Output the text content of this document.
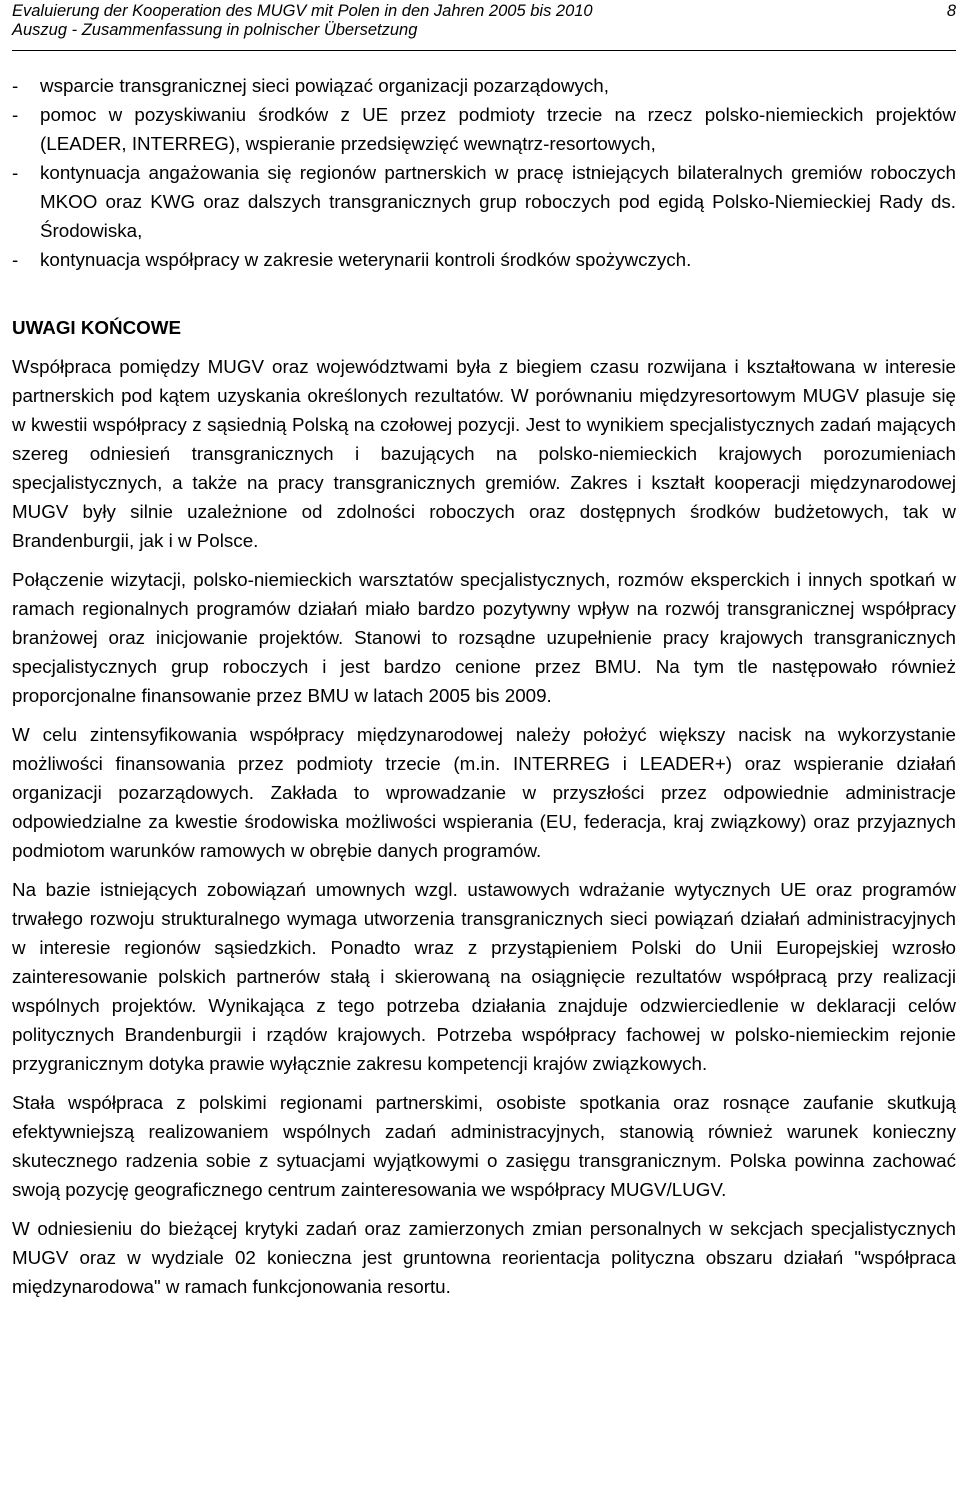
Evaluierung der Kooperation des MUGV mit Polen in den Jahren 2005 bis 2010
Auszug - Zusammenfassung in polnischer Übersetzung
8
- wsparcie transgranicznej sieci powiązać organizacji pozarządowych,
- pomoc w pozyskiwaniu środków z UE przez podmioty trzecie na rzecz polsko-niemieckich projektów (LEADER, INTERREG), wspieranie przedsięwzięć wewnątrz-resortowych,
- kontynuacja angażowania się regionów partnerskich w pracę istniejących bilateralnych gremiów roboczych MKOO oraz KWG oraz dalszych transgranicznych grup roboczych pod egidą Polsko-Niemieckiej Rady ds. Środowiska,
- kontynuacja współpracy w zakresie weterynarii kontroli środków spożywczych.
UWAGI KOŃCOWE

Współpraca pomiędzy MUGV oraz województwami była z biegiem czasu rozwijana i kształtowana w interesie partnerskich pod kątem uzyskania określonych rezultatów. W porównaniu międzyresortowym MUGV plasuje się w kwestii współpracy z sąsiednią Polską na czołowej pozycji. Jest to wynikiem specjalistycznych zadań mających szereg odniesień transgranicznych i bazujących na polsko-niemieckich krajowych porozumieniach specjalistycznych, a także na pracy transgranicznych gremiów. Zakres i kształt kooperacji międzynarodowej MUGV były silnie uzależnione od zdolności roboczych oraz dostępnych środków budżetowych, tak w Brandenburgii, jak i w Polsce.

Połączenie wizytacji, polsko-niemieckich warsztatów specjalistycznych, rozmów eksperckich i innych spotkań w ramach regionalnych programów działań miało bardzo pozytywny wpływ na rozwój transgranicznej współpracy branżowej oraz inicjowanie projektów. Stanowi to rozsądne uzupełnienie pracy krajowych transgranicznych specjalistycznych grup roboczych i jest bardzo cenione przez BMU. Na tym tle następowało również proporcjonalne finansowanie przez BMU w latach 2005 bis 2009.

W celu zintensyfikowania współpracy międzynarodowej należy położyć większy nacisk na wykorzystanie możliwości finansowania przez podmioty trzecie (m.in. INTERREG i LEADER+) oraz wspieranie działań organizacji pozarządowych. Zakłada to wprowadzanie w przyszłości przez odpowiednie administracje odpowiedzialne za kwestie środowiska możliwości wspierania (EU, federacja, kraj związkowy) oraz przyjaznych podmiotom warunków ramowych w obrębie danych programów.

Na bazie istniejących zobowiązań umownych wzgl. ustawowych wdrażanie wytycznych UE oraz programów trwałego rozwoju strukturalnego wymaga utworzenia transgranicznych sieci powiązań działań administracyjnych w interesie regionów sąsiedzkich. Ponadto wraz z przystąpieniem Polski do Unii Europejskiej wzrosło zainteresowanie polskich partnerów stałą i skierowaną na osiągnięcie rezultatów współpracą przy realizacji wspólnych projektów. Wynikająca z tego potrzeba działania znajduje odzwierciedlenie w deklaracji celów politycznych Brandenburgii i rządów krajowych. Potrzeba współpracy fachowej w polsko-niemieckim rejonie przygranicznym dotyka prawie wyłącznie zakresu kompetencji krajów związkowych.

Stała współpraca z polskimi regionami partnerskimi, osobiste spotkania oraz rosnące zaufanie skutkują efektywniejszą realizowaniem wspólnych zadań administracyjnych, stanowią również warunek konieczny skutecznego radzenia sobie z sytuacjami wyjątkowymi o zasięgu transgranicznym. Polska powinna zachować swoją pozycję geograficznego centrum zainteresowania we współpracy MUGV/LUGV.

W odniesieniu do bieżącej krytyki zadań oraz zamierzonych zmian personalnych w sekcjach specjalistycznych MUGV oraz w wydziale 02 konieczna jest gruntowna reorientacja polityczna obszaru działań "współpraca międzynarodowa" w ramach funkcjonowania resortu.
